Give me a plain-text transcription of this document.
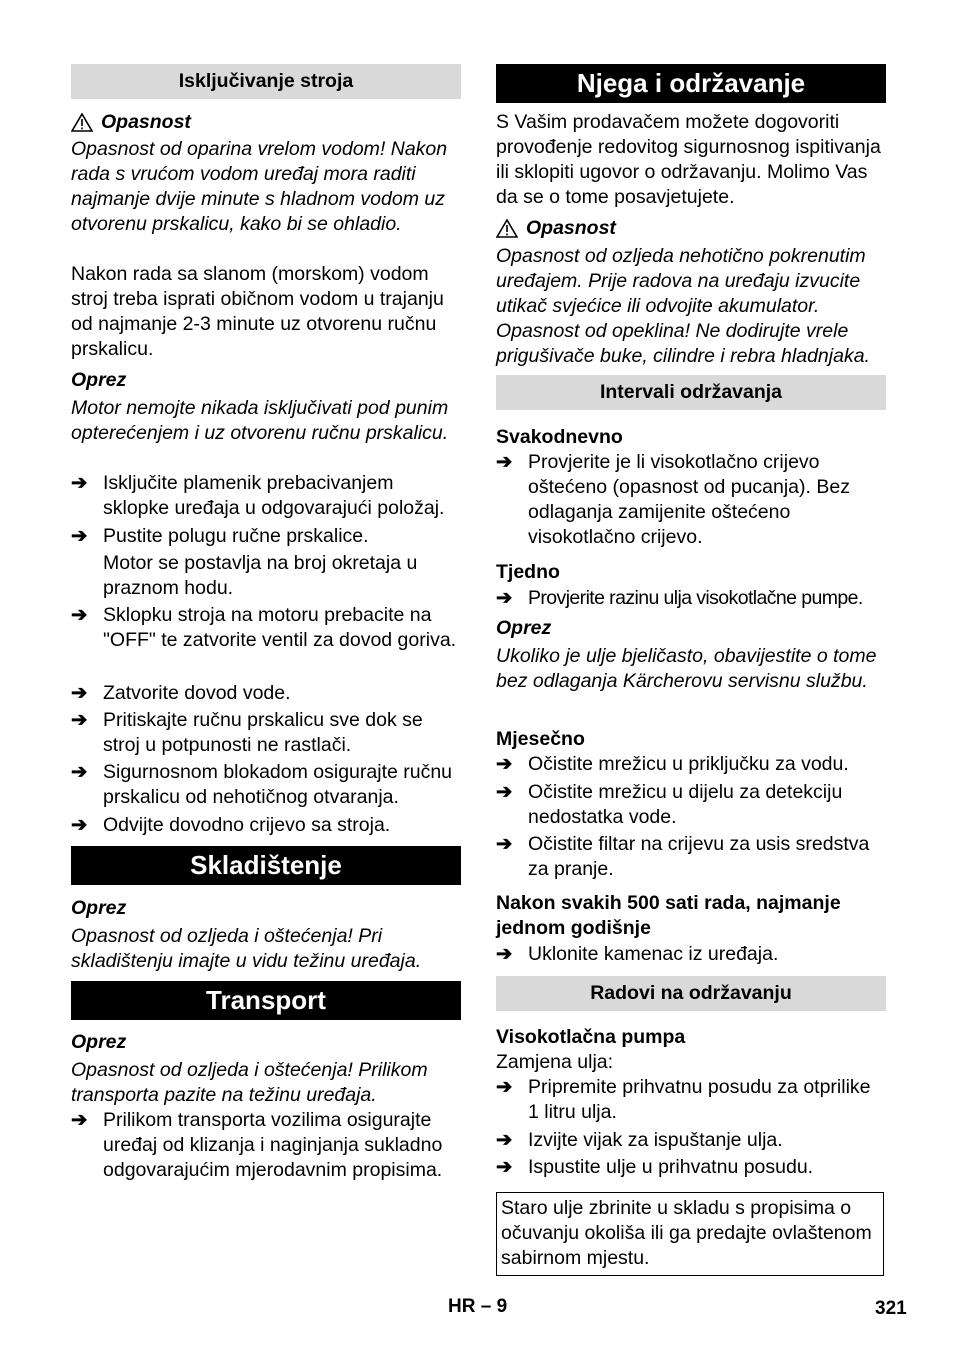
Isključivanje stroja
Opasnost
Opasnost od oparina vrelom vodom! Nakon rada s vrućom vodom uređaj mora raditi najmanje dvije minute s hladnom vodom uz otvorenu prskalicu, kako bi se ohladio.
Nakon rada sa slanom (morskom) vodom stroj treba isprati običnom vodom u trajanju od najmanje 2-3 minute uz otvorenu ručnu prskalicu.
Oprez
Motor nemojte nikada isključivati pod punim opterećenjem i uz otvorenu ručnu prskalicu.
➔ Isključite plamenik prebacivanjem sklopke uređaja u odgovarajući položaj.
➔ Pustite polugu ručne prskalice.
Motor se postavlja na broj okretaja u praznom hodu.
➔ Sklopku stroja na motoru prebacite na "OFF" te zatvorite ventil za dovod goriva.
➔ Zatvorite dovod vode.
➔ Pritiskajte ručnu prskalicu sve dok se stroj u potpunosti ne rastlači.
➔ Sigurnosnom blokadom osigurajte ručnu prskalicu od nehotičnog otvaranja.
➔ Odvijte dovodno crijevo sa stroja.
Skladištenje
Oprez
Opasnost od ozljeda i oštećenja! Pri skladištenju imajte u vidu težinu uređaja.
Transport
Oprez
Opasnost od ozljeda i oštećenja! Prilikom transporta pazite na težinu uređaja.
➔ Prilikom transporta vozilima osigurajte uređaj od klizanja i naginjanja sukladno odgovarajućim mjerodavnim propisima.
Njega i održavanje
S Vašim prodavačem možete dogovoriti provođenje redovitog sigurnosnog ispitivanja ili sklopiti ugovor o održavanju. Molimo Vas da se o tome posavjetujete.
Opasnost
Opasnost od ozljeda nehotično pokrenutim uređajem. Prije radova na uređaju izvucite utikač svjećice ili odvojite akumulator. Opasnost od opeklina! Ne dodirujte vrele prigušivače buke, cilindre i rebra hladnjaka.
Intervali održavanja
Svakodnevno
➔ Provjerite je li visokotlačno crijevo oštećeno (opasnost od pucanja). Bez odlaganja zamijenite oštećeno visokotlačno crijevo.
Tjedno
➔ Provjerite razinu ulja visokotlačne pumpe.
Oprez
Ukoliko je ulje bjeličasto, obavijestite o tome bez odlaganja Kärcherovu servisnu službu.
Mjesečno
➔ Očistite mrežicu u priključku za vodu.
➔ Očistite mrežicu u dijelu za detekciju nedostatka vode.
➔ Očistite filtar na crijevu za usis sredstva za pranje.
Nakon svakih 500 sati rada, najmanje jednom godišnje
➔ Uklonite kamenac iz uređaja.
Radovi na održavanju
Visokotlačna pumpa
Zamjena ulja:
➔ Pripremite prihvatnu posudu za otprilike 1 litru ulja.
➔ Izvijte vijak za ispuštanje ulja.
➔ Ispustite ulje u prihvatnu posudu.
Staro ulje zbrinite u skladu s propisima o očuvanju okoliša ili ga predajte ovlaštenom sabirnom mjestu.
HR – 9	321
